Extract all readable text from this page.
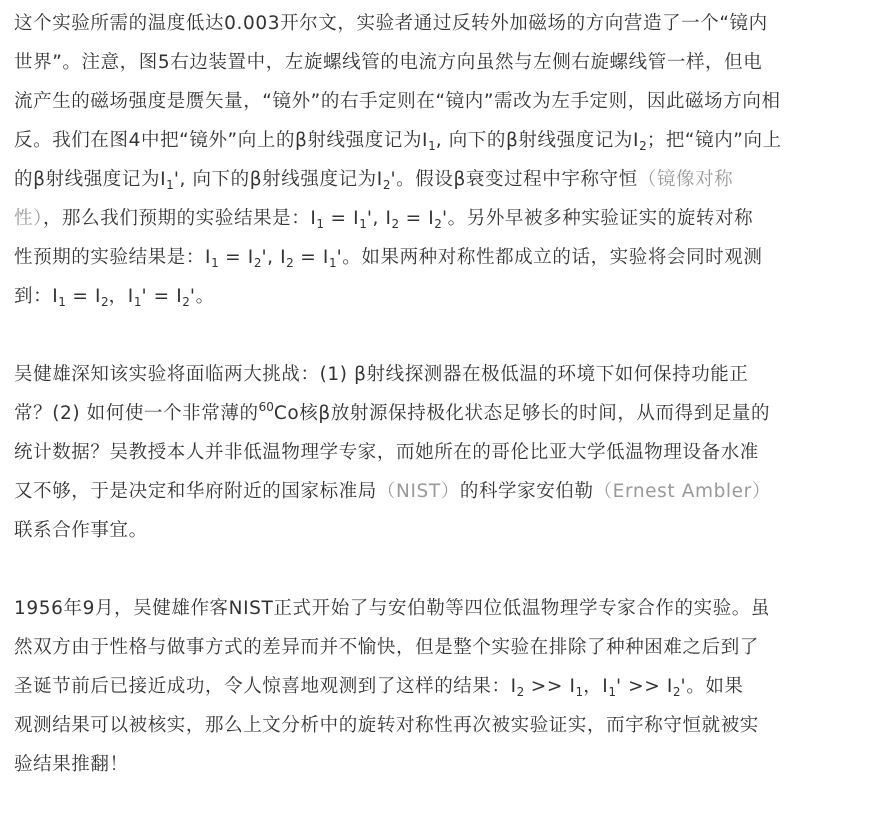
这个实验所需的温度低达0.003开尔文，实验者通过反转外加磁场的方向营造了一个“镜内
世界”。注意，图5右边装置中，左旋螺线管的电流方向虽然与左侧右旋螺线管一样，但电
流产生的磁场强度是赝矢量，“镜外”的右手定则在“镜内”需改为左手定则，因此磁场方向相
反。我们在图4中把“镜外”向上的β射线强度记为$I_1$, 向下的β射线强度记为$I_2$；把“镜内”向上
的β射线强度记为$I_1'$, 向下的β射线强度记为$I_2'$。假设β衰变过程中宇称守恒（镜像对称
性），那么我们预期的实验结果是：$I_1 = I_1'$, $I_2 = I_2'$。另外早被多种实验证实的旋转对称
性预期的实验结果是：$I_1 = I_2'$, $I_2 = I_1'$。如果两种对称性都成立的话，实验将会同时观测
到：$I_1 = I_2$，$I_1' = I_2'$。

吴健雄深知该实验将面临两大挑战：(1) β射线探测器在极低温的环境下如何保持功能正
常？(2) 如何使一个非常薄的$^{60}$Co核β放射源保持极化状态足够长的时间，从而得到足量的
统计数据？吴教授本人并非低温物理学专家，而她所在的哥伦比亚大学低温物理设备水准
又不够，于是决定和华府附近的国家标准局（NIST）的科学家安伯勒（Ernest Ambler）
联系合作事宜。

1956年9月，吴健雄作客NIST正式开始了与安伯勒等四位低温物理学专家合作的实验。虽
然双方由于性格与做事方式的差异而并不愉快，但是整个实验在排除了种种困难之后到了
圣诞节前后已接近成功，令人惊喜地观测到了这样的结果：$I_2 >> I_1$，$I_1' >> I_2'$。如果
观测结果可以被核实，那么上文分析中的旋转对称性再次被实验证实，而宇称守恒就被实
验结果推翻！
